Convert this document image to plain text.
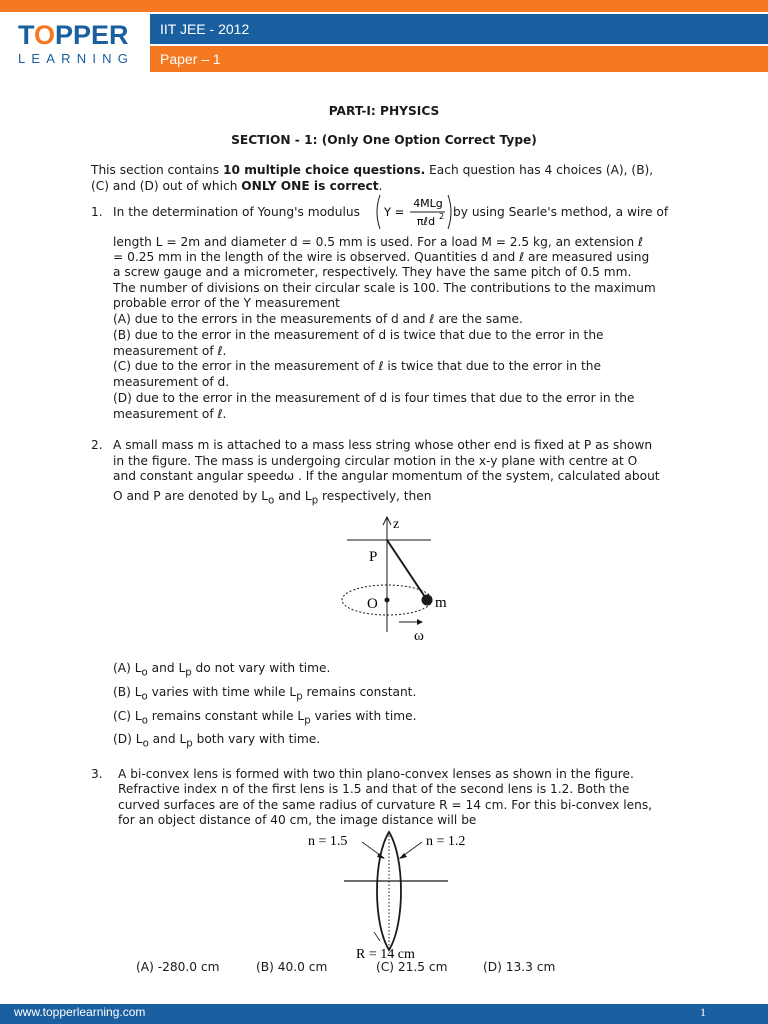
TOPPER
LEARNING
IIT JEE - 2012
Paper – 1
PART-I: PHYSICS
SECTION - 1: (Only One Option Correct Type)
This section contains 10 multiple choice questions. Each question has 4 choices (A), (B),
(C) and (D) out of which ONLY ONE is correct.
1. In the determination of Young's modulus Y =
4MLg
πℓd 2 by using Searle's method, a wire of
length L = 2m and diameter d = 0.5 mm is used. For a load M = 2.5 kg, an extension ℓ
= 0.25 mm in the length of the wire is observed. Quantities d and ℓ are measured using
a screw gauge and a micrometer, respectively. They have the same pitch of 0.5 mm.
The number of divisions on their circular scale is 100. The contributions to the maximum
probable error of the Y measurement
(A) due to the errors in the measurements of d and ℓ are the same.
(B) due to the error in the measurement of d is twice that due to the error in the
measurement of ℓ.
(C) due to the error in the measurement of ℓ is twice that due to the error in the
measurement of d.
(D) due to the error in the measurement of d is four times that due to the error in the
measurement of ℓ.
2. A small mass m is attached to a mass less string whose other end is fixed at P as shown
in the figure. The mass is undergoing circular motion in the x-y plane with centre at O
and constant angular speedω . If the angular momentum of the system, calculated about
O and P are denoted by $L_o$ and $L_p$ respectively, then
z
P
O	m
ω
(A) $L_o$ and $L_p$ do not vary with time.
(B) $L_o$ varies with time while $L_p$ remains constant.
(C) $L_o$ remains constant while $L_p$ varies with time.
(D) $L_o$ and $L_p$ both vary with time.
3. A bi-convex lens is formed with two thin plano-convex lenses as shown in the figure.
Refractive index n of the first lens is 1.5 and that of the second lens is 1.2. Both the
curved surfaces are of the same radius of curvature R = 14 cm. For this bi-convex lens,
for an object distance of 40 cm, the image distance will be
n = 1.5	n = 1.2
R = 14 cm
(A) -280.0 cm	(B) 40.0 cm	(C) 21.5 cm	(D) 13.3 cm
www.topperlearning.com	1
